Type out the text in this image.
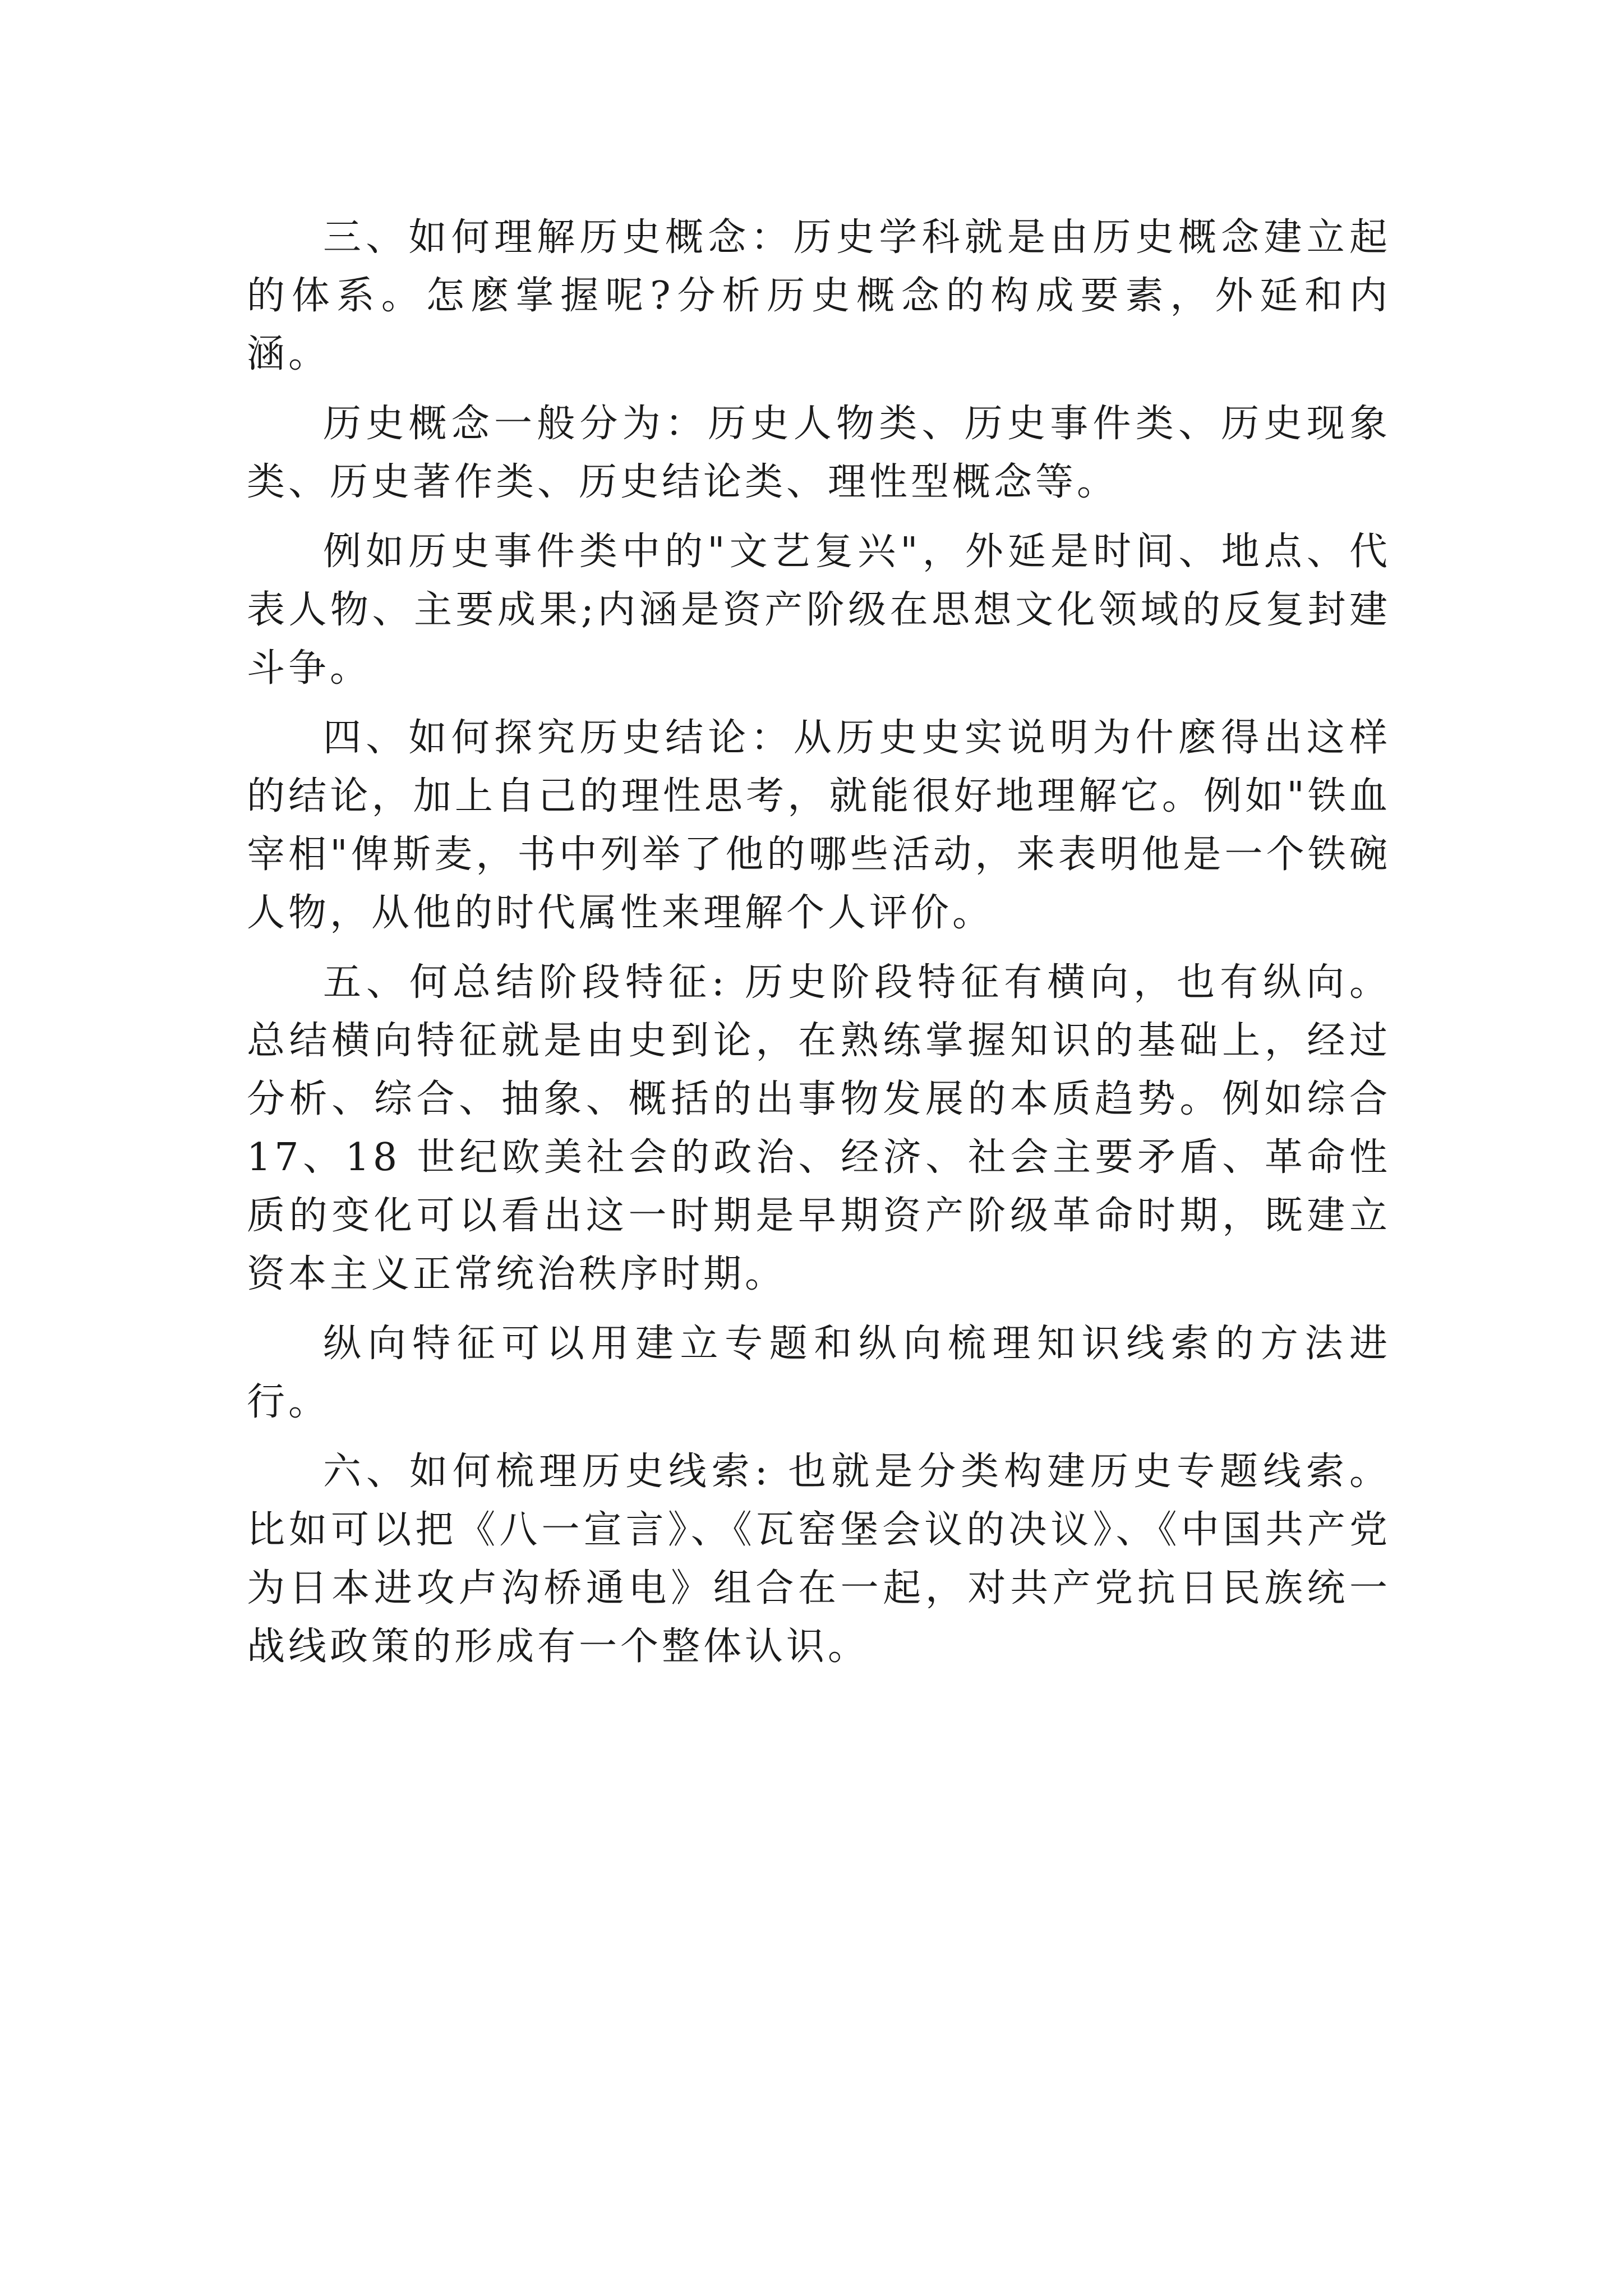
三、如何理解历史概念：历史学科就是由历史概念建立起的体系。怎麽掌握呢?分析历史概念的构成要素，外延和内涵。

历史概念一般分为：历史人物类、历史事件类、历史现象类、历史著作类、历史结论类、理性型概念等。

例如历史事件类中的"文艺复兴"，外延是时间、地点、代表人物、主要成果;内涵是资产阶级在思想文化领域的反复封建斗争。

四、如何探究历史结论：从历史史实说明为什麽得出这样的结论，加上自己的理性思考，就能很好地理解它。例如"铁血宰相"俾斯麦，书中列举了他的哪些活动，来表明他是一个铁碗人物，从他的时代属性来理解个人评价。

五、何总结阶段特征: 历史阶段特征有横向，也有纵向。总结横向特征就是由史到论，在熟练掌握知识的基础上，经过分析、综合、抽象、概括的出事物发展的本质趋势。例如综合 17、18 世纪欧美社会的政治、经济、社会主要矛盾、革命性质的变化可以看出这一时期是早期资产阶级革命时期，既建立资本主义正常统治秩序时期。

纵向特征可以用建立专题和纵向梳理知识线索的方法进行。

六、如何梳理历史线索: 也就是分类构建历史专题线索。比如可以把《八一宣言》、《瓦窑堡会议的决议》、《中国共产党为日本进攻卢沟桥通电》组合在一起，对共产党抗日民族统一战线政策的形成有一个整体认识。
